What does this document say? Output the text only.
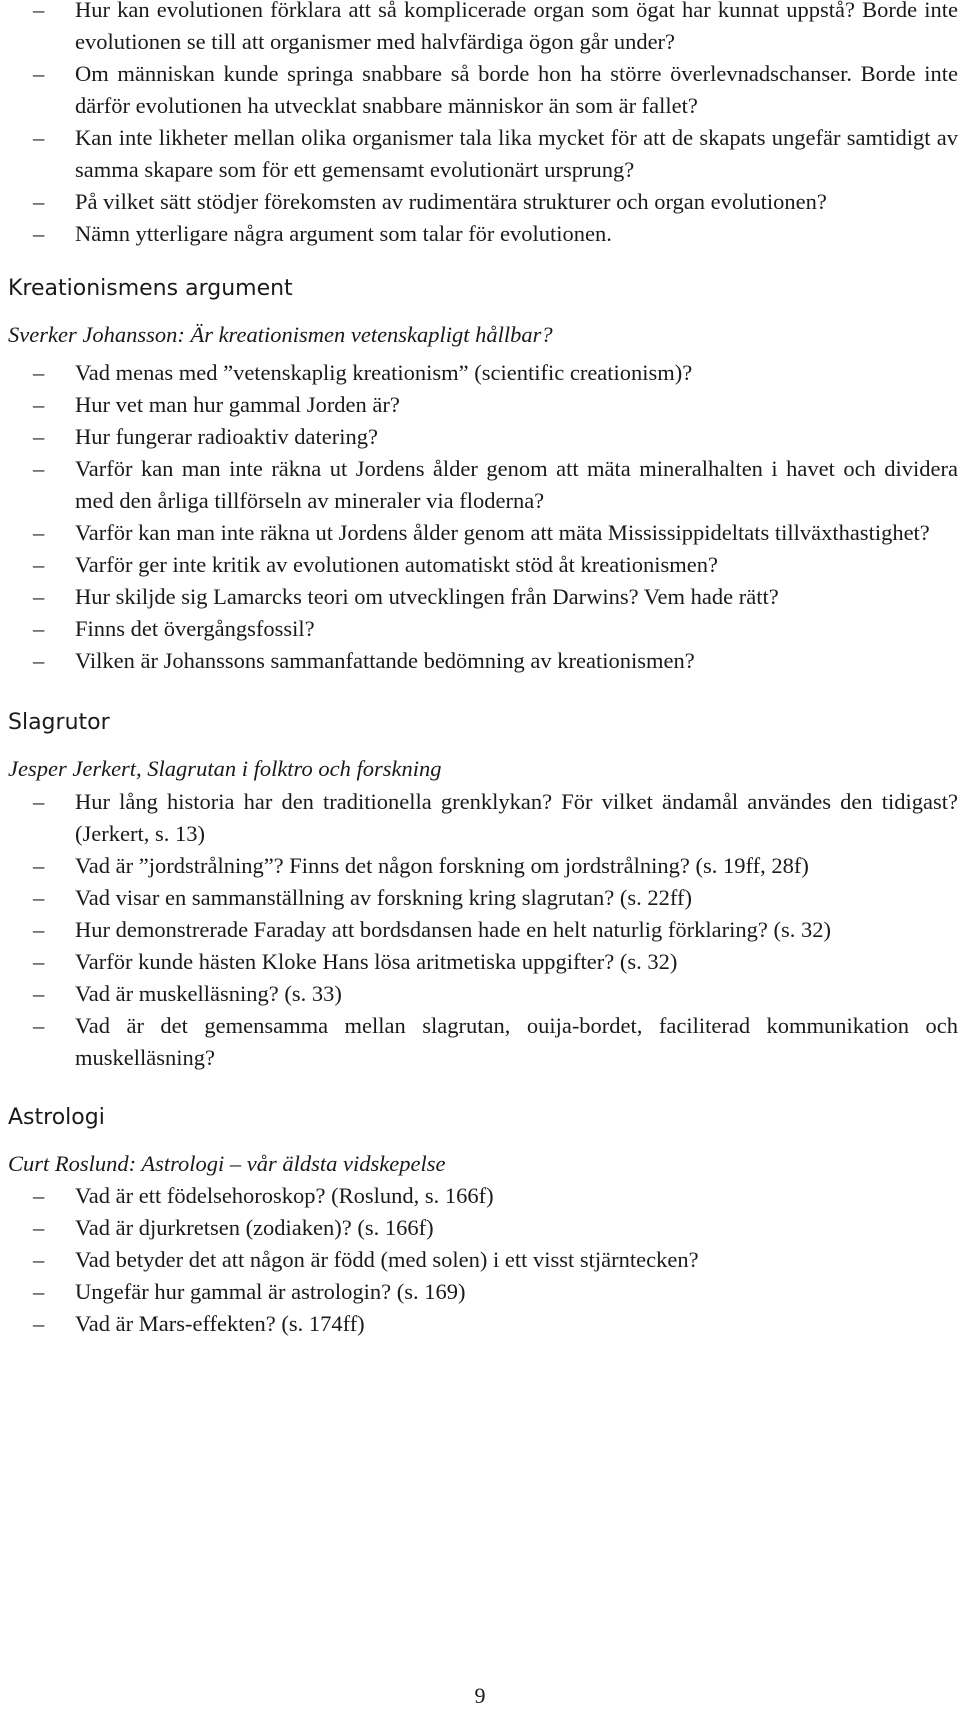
– Hur kan evolutionen förklara att så komplicerade organ som ögat har kunnat uppstå? Borde inte evolutionen se till att organismer med halvfärdiga ögon går under?
– Om människan kunde springa snabbare så borde hon ha större överlevnadschanser. Borde inte därför evolutionen ha utvecklat snabbare människor än som är fallet?
– Kan inte likheter mellan olika organismer tala lika mycket för att de skapats ungefär samtidigt av samma skapare som för ett gemensamt evolutionärt ursprung?
– På vilket sätt stödjer förekomsten av rudimentära strukturer och organ evolutionen?
– Nämn ytterligare några argument som talar för evolutionen.
Kreationismens argument

Sverker Johansson: Är kreationismen vetenskapligt hållbar?

– Vad menas med ”vetenskaplig kreationism” (scientific creationism)?
– Hur vet man hur gammal Jorden är?
– Hur fungerar radioaktiv datering?
– Varför kan man inte räkna ut Jordens ålder genom att mäta mineralhalten i havet och dividera med den årliga tillförseln av mineraler via floderna?
– Varför kan man inte räkna ut Jordens ålder genom att mäta Mississippideltats tillväxthastighet?
– Varför ger inte kritik av evolutionen automatiskt stöd åt kreationismen?
– Hur skiljde sig Lamarcks teori om utvecklingen från Darwins? Vem hade rätt?
– Finns det övergångsfossil?
– Vilken är Johanssons sammanfattande bedömning av kreationismen?
Slagrutor

Jesper Jerkert, Slagrutan i folktro och forskning

– Hur lång historia har den traditionella grenklykan? För vilket ändamål användes den tidigast? (Jerkert, s. 13)
– Vad är ”jordstrålning”? Finns det någon forskning om jordstrålning? (s. 19ff, 28f)
– Vad visar en sammanställning av forskning kring slagrutan? (s. 22ff)
– Hur demonstrerade Faraday att bordsdansen hade en helt naturlig förklaring? (s. 32)
– Varför kunde hästen Kloke Hans lösa aritmetiska uppgifter? (s. 32)
– Vad är muskelläsning? (s. 33)
– Vad är det gemensamma mellan slagrutan, ouija-bordet, faciliterad kommunikation och muskelläsning?
Astrologi

Curt Roslund: Astrologi – vår äldsta vidskepelse

– Vad är ett födelsehoroskop? (Roslund, s. 166f)
– Vad är djurkretsen (zodiaken)? (s. 166f)
– Vad betyder det att någon är född (med solen) i ett visst stjärntecken?
– Ungefär hur gammal är astrologin? (s. 169)
– Vad är Mars-effekten? (s. 174ff)
9
